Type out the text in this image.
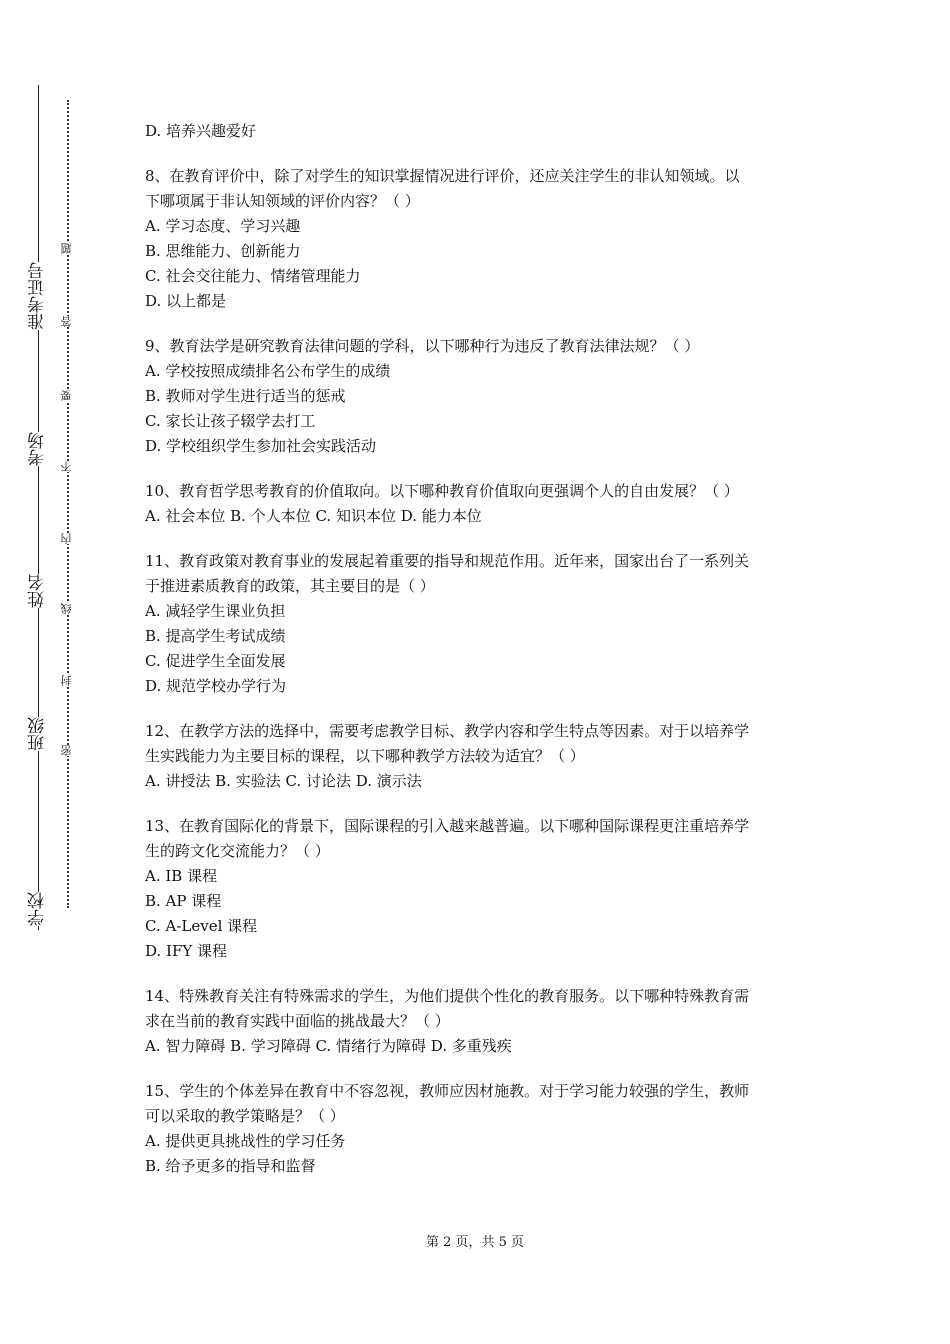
准考证号
考场
姓名
班级
学校
题
答
要
不
内
线
封
密

D. 培养兴趣爱好

8、在教育评价中，除了对学生的知识掌握情况进行评价，还应关注学生的非认知领域。以

下哪项属于非认知领域的评价内容？（ ）

A. 学习态度、学习兴趣

B. 思维能力、创新能力

C. 社会交往能力、情绪管理能力

D. 以上都是

9、教育法学是研究教育法律问题的学科，以下哪种行为违反了教育法律法规？（ ）

A. 学校按照成绩排名公布学生的成绩

B. 教师对学生进行适当的惩戒

C. 家长让孩子辍学去打工

D. 学校组织学生参加社会实践活动

10、教育哲学思考教育的价值取向。以下哪种教育价值取向更强调个人的自由发展？（ ）

A. 社会本位 B. 个人本位 C. 知识本位 D. 能力本位

11、教育政策对教育事业的发展起着重要的指导和规范作用。近年来，国家出台了一系列关

于推进素质教育的政策，其主要目的是（ ）

A. 减轻学生课业负担

B. 提高学生考试成绩

C. 促进学生全面发展

D. 规范学校办学行为

12、在教学方法的选择中，需要考虑教学目标、教学内容和学生特点等因素。对于以培养学

生实践能力为主要目标的课程，以下哪种教学方法较为适宜？（ ）

A. 讲授法 B. 实验法 C. 讨论法 D. 演示法

13、在教育国际化的背景下，国际课程的引入越来越普遍。以下哪种国际课程更注重培养学

生的跨文化交流能力？（ ）

A. IB 课程

B. AP 课程

C. A-Level 课程

D. IFY 课程

14、特殊教育关注有特殊需求的学生，为他们提供个性化的教育服务。以下哪种特殊教育需

求在当前的教育实践中面临的挑战最大？（ ）

A. 智力障碍 B. 学习障碍 C. 情绪行为障碍 D. 多重残疾

15、学生的个体差异在教育中不容忽视，教师应因材施教。对于学习能力较强的学生，教师

可以采取的教学策略是？（ ）

A. 提供更具挑战性的学习任务

B. 给予更多的指导和监督

第 2 页，共 5 页
